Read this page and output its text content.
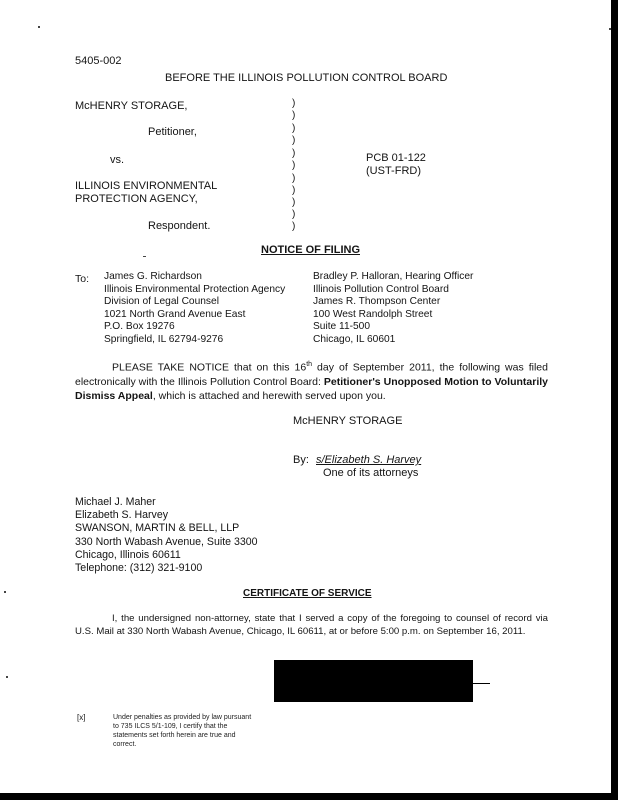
5405-002
BEFORE THE ILLINOIS POLLUTION CONTROL BOARD
McHENRY STORAGE,
Petitioner,
vs.
ILLINOIS ENVIRONMENTAL
PROTECTION AGENCY,
Respondent.
)
)
)
)
)
)
)
)
)
)
)
PCB 01-122
(UST-FRD)
NOTICE OF FILING
To: James G. Richardson
Illinois Environmental Protection Agency
Division of Legal Counsel
1021 North Grand Avenue East
P.O. Box 19276
Springfield, IL 62794-9276
Bradley P. Halloran, Hearing Officer
Illinois Pollution Control Board
James R. Thompson Center
100 West Randolph Street
Suite 11-500
Chicago, IL 60601
PLEASE TAKE NOTICE that on this 16th day of September 2011, the following was filed electronically with the Illinois Pollution Control Board: Petitioner's Unopposed Motion to Voluntarily Dismiss Appeal, which is attached and herewith served upon you.
McHENRY STORAGE
By: s/Elizabeth S. Harvey
One of its attorneys
Michael J. Maher
Elizabeth S. Harvey
SWANSON, MARTIN & BELL, LLP
330 North Wabash Avenue, Suite 3300
Chicago, Illinois 60611
Telephone: (312) 321-9100
CERTIFICATE OF SERVICE
I, the undersigned non-attorney, state that I served a copy of the foregoing to counsel of record via U.S. Mail at 330 North Wabash Avenue, Chicago, IL 60611, at or before 5:00 p.m. on September 16, 2011.
[x]	Under penalties as provided by law pursuant to 735 ILCS 5/1-109, I certify that the statements set forth herein are true and correct.
